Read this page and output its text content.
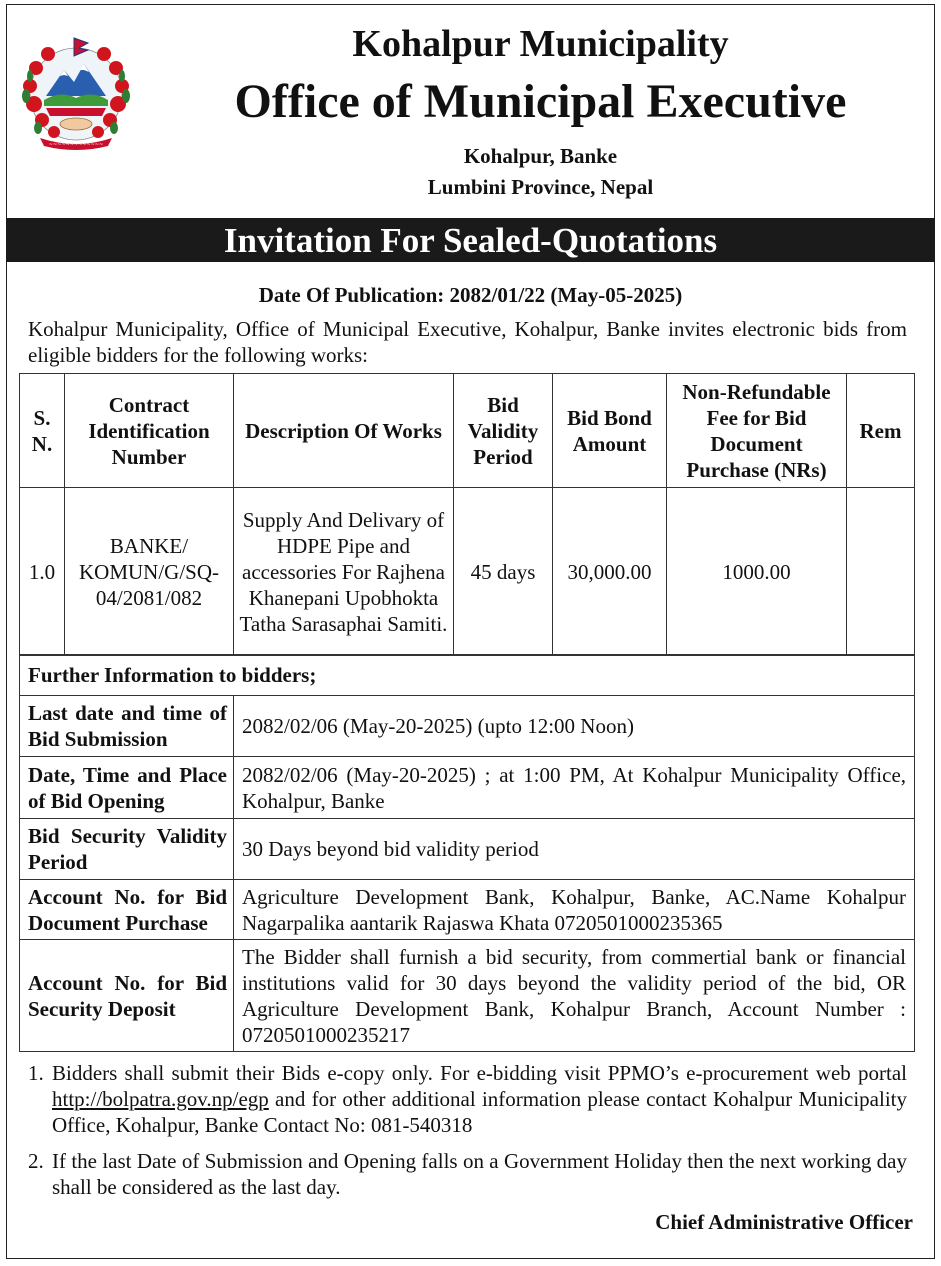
~~~~~~~~~~~~~
Kohalpur Municipality
Office of Municipal Executive
Kohalpur, Banke
Lumbini Province, Nepal
Invitation For Sealed-Quotations
Date Of Publication: 2082/01/22 (May-05-2025)
Kohalpur Municipality, Office of Municipal Executive, Kohalpur, Banke invites electronic bids from eligible bidders for the following works:
S. N.	Contract Identification Number	Description Of Works	Bid Validity Period	Bid Bond Amount	Non-Refundable Fee for Bid Document Purchase (NRs)	Rem
1.0	BANKE/ KOMUN/G/SQ-04/2081/082	Supply And Delivary of HDPE Pipe and accessories For Rajhena Khanepani Upobhokta Tatha Sarasaphai Samiti.	45 days	30,000.00	1000.00	
Further Information to bidders;	
Last date and time of Bid Submission	2082/02/06 (May-20-2025) (upto 12:00 Noon)
Date, Time and Place of Bid Opening	2082/02/06 (May-20-2025) ; at 1:00 PM, At Kohalpur Municipality Office, Kohalpur, Banke
Bid Security Validity Period	30 Days beyond bid validity period
Account No. for Bid Document Purchase	Agriculture Development Bank, Kohalpur, Banke, AC.Name Kohalpur Nagarpalika aantarik Rajaswa Khata 0720501000235365
Account No. for Bid Security Deposit	The Bidder shall furnish a bid security, from commertial bank or financial institutions valid for 30 days beyond the validity period of the bid, OR Agriculture Development Bank, Kohalpur Branch, Account Number : 0720501000235217
1. Bidders shall submit their Bids e-copy only. For e-bidding visit PPMO’s e-procurement web portal http://bolpatra.gov.np/egp and for other additional information please contact Kohalpur Municipality Office, Kohalpur, Banke Contact No: 081-540318
2. If the last Date of Submission and Opening falls on a Government Holiday then the next working day shall be considered as the last day.
Chief Administrative Officer
